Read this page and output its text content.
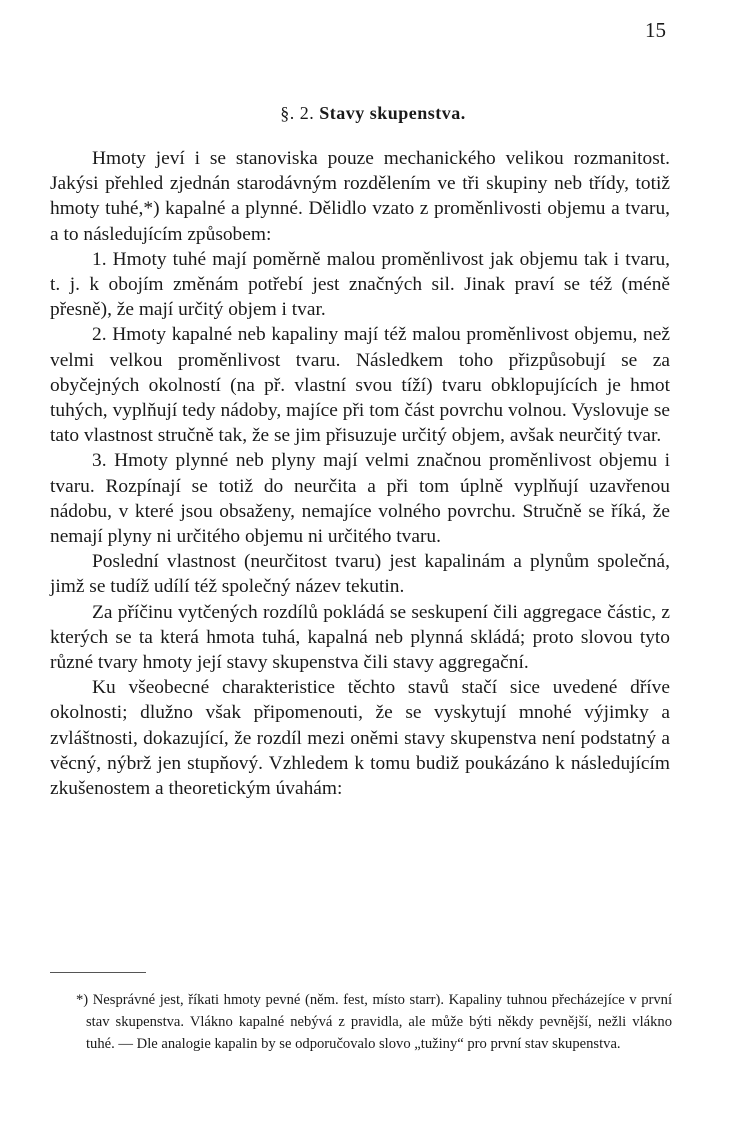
15
§. 2. Stavy skupenstva.

Hmoty jeví i se stanoviska pouze mechanického velikou rozmanitost. Jakýsi přehled zjednán starodávným rozdělením ve tři skupiny neb třídy, totiž hmoty tuhé,*) kapalné a plynné. Dělidlo vzato z proměnlivosti objemu a tvaru, a to následujícím způsobem:

1. Hmoty tuhé mají poměrně malou proměnlivost jak objemu tak i tvaru, t. j. k obojím změnám potřebí jest značných sil. Jinak praví se též (méně přesně), že mají určitý objem i tvar.

2. Hmoty kapalné neb kapaliny mají též malou proměnlivost objemu, než velmi velkou proměnlivost tvaru. Následkem toho přizpůsobují se za obyčejných okolností (na př. vlastní svou tíží) tvaru obklopujících je hmot tuhých, vyplňují tedy nádoby, majíce při tom část povrchu volnou. Vyslovuje se tato vlastnost stručně tak, že se jim přisuzuje určitý objem, avšak neurčitý tvar.

3. Hmoty plynné neb plyny mají velmi značnou proměnlivost objemu i tvaru. Rozpínají se totiž do neurčita a při tom úplně vyplňují uzavřenou nádobu, v které jsou obsaženy, nemajíce volného povrchu. Stručně se říká, že nemají plyny ni určitého objemu ni určitého tvaru.

Poslední vlastnost (neurčitost tvaru) jest kapalinám a plynům společná, jimž se tudíž udílí též společný název tekutin.

Za příčinu vytčených rozdílů pokládá se seskupení čili aggregace částic, z kterých se ta která hmota tuhá, kapalná neb plynná skládá; proto slovou tyto různé tvary hmoty její stavy skupenstva čili stavy aggregační.

Ku všeobecné charakteristice těchto stavů stačí sice uvedené dříve okolnosti; dlužno však připomenouti, že se vyskytují mnohé výjimky a zvláštnosti, dokazující, že rozdíl mezi oněmi stavy skupenstva není podstatný a věcný, nýbrž jen stupňový. Vzhledem k tomu budiž poukázáno k následujícím zkušenostem a theoretickým úvahám:

*) Nesprávné jest, říkati hmoty pevné (něm. fest, místo starr). Kapaliny tuhnou přecházejíce v první stav skupenstva. Vlákno kapalné nebývá z pravidla, ale může býti někdy pevnější, nežli vlákno tuhé. — Dle analogie kapalin by se odporučovalo slovo „tužiny“ pro první stav skupenstva.
